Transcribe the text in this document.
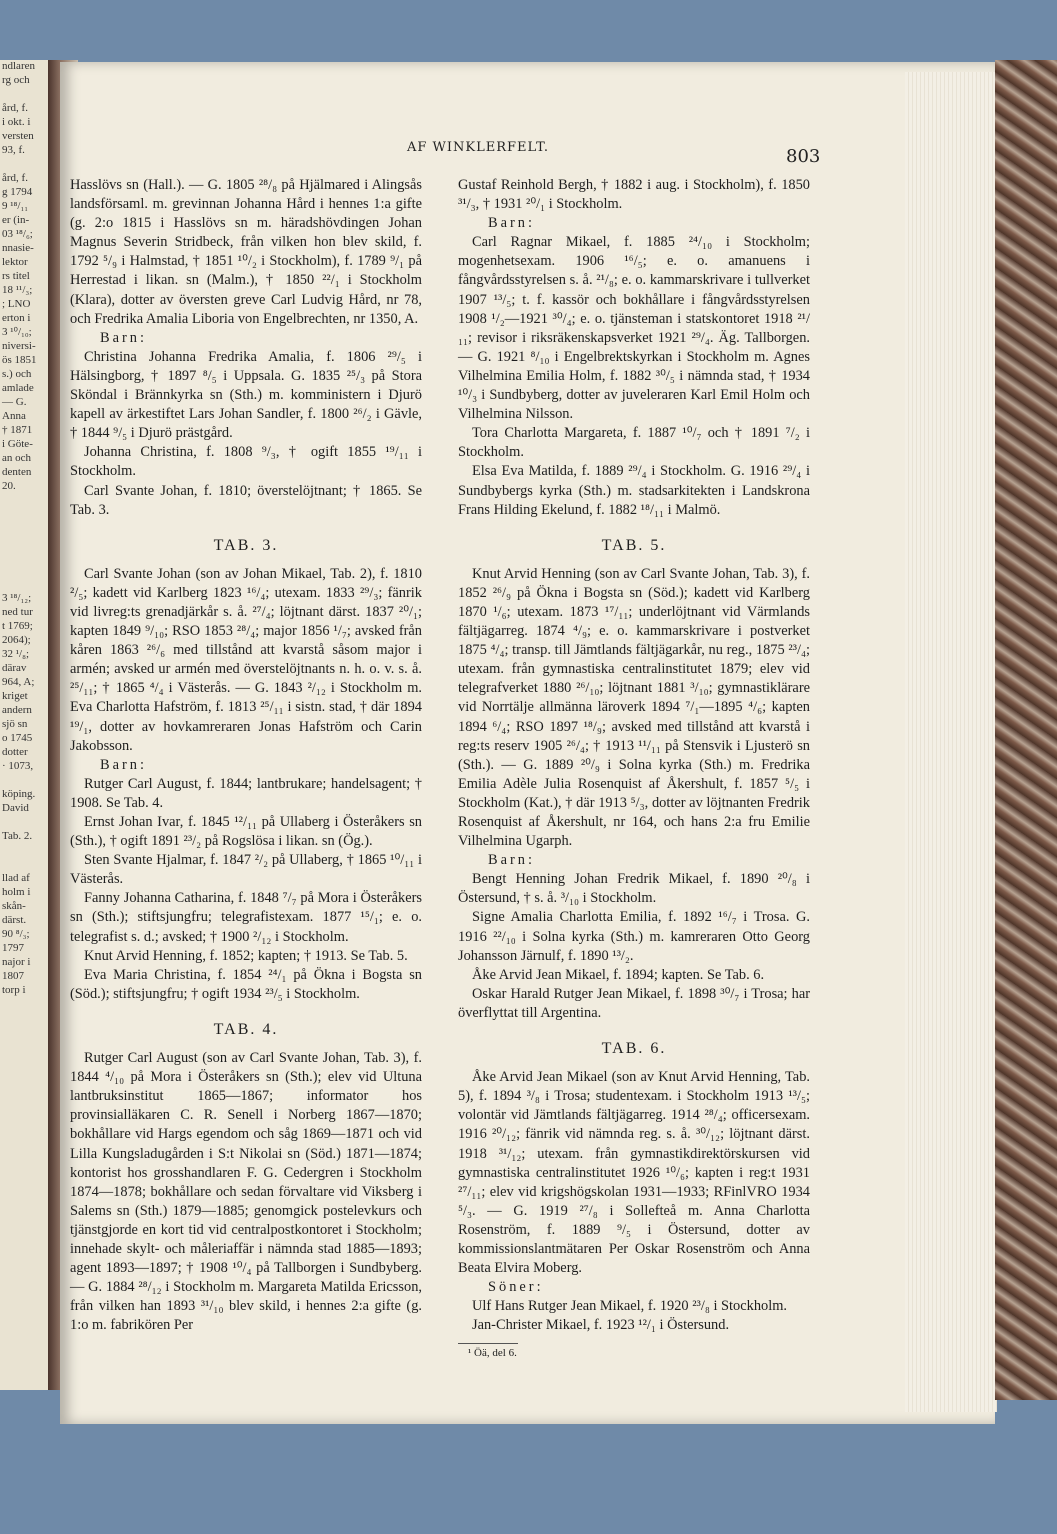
ndlaren
rg och

ård, f.
i okt. i
versten
93, f.

ård, f.
g 1794
9 ¹⁸/₁₁
er (in-
03 ¹⁸/₆;
nnasie-
lektor
rs titel
18 ¹¹/₃;
; LNO
erton i
3 ¹⁰/₁₀;
niversi-
ös 1851
s.) och
amlade
— G.
Anna
† 1871
i Göte-
an och
denten
20.

3 ¹⁸/₁₂;
ned tur
t 1769;
2064);
32 ¹/₈;
därav
964, A;
kriget
andern
sjö sn
o 1745
dotter
· 1073,

köping.
David

Tab. 2.

llad af
holm i
skån-
därst.
90 ⁸/₃;
1797
najor i
1807
torp i
AF WINKLERFELT.	803

Hasslövs sn (Hall.). — G. 1805 ²⁸/₈ på Hjälmared i Alingsås landsförsaml. m. grevinnan Johanna Hård i hennes 1:a gifte (g. 2:o 1815 i Hasslövs sn m. häradshövdingen Johan Magnus Severin Stridbeck, från vilken hon blev skild, f. 1792 ⁵/₉ i Halmstad, † 1851 ¹⁰/₂ i Stockholm), f. 1789 ⁹/₁ på Herrestad i likan. sn (Malm.), † 1850 ²²/₁ i Stockholm (Klara), dotter av översten greve Carl Ludvig Hård, nr 78, och Fredrika Amalia Liboria von Engelbrechten, nr 1350, A.

Barn:

Christina Johanna Fredrika Amalia, f. 1806 ²⁹/₅ i Hälsingborg, † 1897 ⁸/₅ i Uppsala. G. 1835 ²⁵/₃ på Stora Sköndal i Brännkyrka sn (Sth.) m. komministern i Djurö kapell av ärkestiftet Lars Johan Sandler, f. 1800 ²⁶/₂ i Gävle, † 1844 ⁹/₅ i Djurö prästgård.

Johanna Christina, f. 1808 ⁹/₃, † ogift 1855 ¹⁹/₁₁ i Stockholm.

Carl Svante Johan, f. 1810; överstelöjtnant; † 1865. Se Tab. 3.

TAB. 3.

Carl Svante Johan (son av Johan Mikael, Tab. 2), f. 1810 ²/₅; kadett vid Karlberg 1823 ¹⁶/₄; utexam. 1833 ²⁹/₃; fänrik vid livreg:ts grenadjärkår s. å. ²⁷/₄; löjtnant därst. 1837 ²⁰/₁; kapten 1849 ⁹/₁₀; RSO 1853 ²⁸/₄; major 1856 ¹/₇; avsked från kåren 1863 ²⁶/₆ med tillstånd att kvarstå såsom major i armén; avsked ur armén med överstelöjtnants n. h. o. v. s. å. ²⁵/₁₁; † 1865 ⁴/₄ i Västerås. — G. 1843 ²/₁₂ i Stockholm m. Eva Charlotta Hafström, f. 1813 ²⁵/₁₁ i sistn. stad, † där 1894 ¹⁹/₁, dotter av hovkamreraren Jonas Hafström och Carin Jakobsson.

Barn:

Rutger Carl August, f. 1844; lantbrukare; handelsagent; † 1908. Se Tab. 4.

Ernst Johan Ivar, f. 1845 ¹²/₁₁ på Ullaberg i Österåkers sn (Sth.), † ogift 1891 ²³/₂ på Rogslösa i likan. sn (Ög.).

Sten Svante Hjalmar, f. 1847 ²/₂ på Ullaberg, † 1865 ¹⁰/₁₁ i Västerås.

Fanny Johanna Catharina, f. 1848 ⁷/₇ på Mora i Österåkers sn (Sth.); stiftsjungfru; telegrafistexam. 1877 ¹⁵/₁; e. o. telegrafist s. d.; avsked; † 1900 ²/₁₂ i Stockholm.

Knut Arvid Henning, f. 1852; kapten; † 1913. Se Tab. 5.

Eva Maria Christina, f. 1854 ²⁴/₁ på Ökna i Bogsta sn (Söd.); stiftsjungfru; † ogift 1934 ²³/₅ i Stockholm.

TAB. 4.

Rutger Carl August (son av Carl Svante Johan, Tab. 3), f. 1844 ⁴/₁₀ på Mora i Österåkers sn (Sth.); elev vid Ultuna lantbruksinstitut 1865—1867; informator hos provinsialläkaren C. R. Senell i Norberg 1867—1870; bokhållare vid Hargs egendom och såg 1869—1871 och vid Lilla Kungsladugården i S:t Nikolai sn (Söd.) 1871—1874; kontorist hos grosshandlaren F. G. Cedergren i Stockholm 1874—1878; bokhållare och sedan förvaltare vid Viksberg i Salems sn (Sth.) 1879—1885; genomgick postelevkurs och tjänstgjorde en kort tid vid centralpostkontoret i Stockholm; innehade skylt- och måleriaffär i nämnda stad 1885—1893; agent 1893—1897; † 1908 ¹⁰/₄ på Tallborgen i Sundbyberg. — G. 1884 ²⁸/₁₂ i Stockholm m. Margareta Matilda Ericsson, från vilken han 1893 ³¹/₁₀ blev skild, i hennes 2:a gifte (g. 1:o m. fabrikören Per

Gustaf Reinhold Bergh, † 1882 i aug. i Stockholm), f. 1850 ³¹/₃, † 1931 ²⁰/₁ i Stockholm.

Barn:

Carl Ragnar Mikael, f. 1885 ²⁴/₁₀ i Stockholm; mogenhetsexam. 1906 ¹⁶/₅; e. o. amanuens i fångvårdsstyrelsen s. å. ²¹/₈; e. o. kammarskrivare i tullverket 1907 ¹³/₅; t. f. kassör och bokhållare i fångvårdsstyrelsen 1908 ¹/₂—1921 ³⁰/₄; e. o. tjänsteman i statskontoret 1918 ²¹/₁₁; revisor i riksräkenskapsverket 1921 ²⁹/₄. Äg. Tallborgen. — G. 1921 ⁸/₁₀ i Engelbrektskyrkan i Stockholm m. Agnes Vilhelmina Emilia Holm, f. 1882 ³⁰/₅ i nämnda stad, † 1934 ¹⁰/₃ i Sundbyberg, dotter av juveleraren Karl Emil Holm och Vilhelmina Nilsson.

Tora Charlotta Margareta, f. 1887 ¹⁰/₇ och † 1891 ⁷/₂ i Stockholm.

Elsa Eva Matilda, f. 1889 ²⁹/₄ i Stockholm. G. 1916 ²⁹/₄ i Sundbybergs kyrka (Sth.) m. stadsarkitekten i Landskrona Frans Hilding Ekelund, f. 1882 ¹⁸/₁₁ i Malmö.

TAB. 5.

Knut Arvid Henning (son av Carl Svante Johan, Tab. 3), f. 1852 ²⁶/₉ på Ökna i Bogsta sn (Söd.); kadett vid Karlberg 1870 ¹/₆; utexam. 1873 ¹⁷/₁₁; underlöjtnant vid Värmlands fältjägarreg. 1874 ⁴/₉; e. o. kammarskrivare i postverket 1875 ⁴/₄; transp. till Jämtlands fältjägarkår, nu reg., 1875 ²³/₄; utexam. från gymnastiska centralinstitutet 1879; elev vid telegrafverket 1880 ²⁶/₁₀; löjtnant 1881 ³/₁₀; gymnastiklärare vid Norrtälje allmänna läroverk 1894 ⁷/₁—1895 ⁴/₆; kapten 1894 ⁶/₄; RSO 1897 ¹⁸/₉; avsked med tillstånd att kvarstå i reg:ts reserv 1905 ²⁶/₄; † 1913 ¹¹/₁₁ på Stensvik i Ljusterö sn (Sth.). — G. 1889 ²⁰/₉ i Solna kyrka (Sth.) m. Fredrika Emilia Adèle Julia Rosenquist af Åkershult, f. 1857 ⁵/₅ i Stockholm (Kat.), † där 1913 ⁵/₃, dotter av löjtnanten Fredrik Rosenquist af Åkershult, nr 164, och hans 2:a fru Emilie Vilhelmina Ugarph.

Barn:

Bengt Henning Johan Fredrik Mikael, f. 1890 ²⁰/₈ i Östersund, † s. å. ³/₁₀ i Stockholm.

Signe Amalia Charlotta Emilia, f. 1892 ¹⁶/₇ i Trosa. G. 1916 ²²/₁₀ i Solna kyrka (Sth.) m. kamreraren Otto Georg Johansson Järnulf, f. 1890 ¹³/₂.

Åke Arvid Jean Mikael, f. 1894; kapten. Se Tab. 6.

Oskar Harald Rutger Jean Mikael, f. 1898 ³⁰/₇ i Trosa; har överflyttat till Argentina.

TAB. 6.

Åke Arvid Jean Mikael (son av Knut Arvid Henning, Tab. 5), f. 1894 ³/₈ i Trosa; studentexam. i Stockholm 1913 ¹³/₅; volontär vid Jämtlands fältjägarreg. 1914 ²⁸/₄; officersexam. 1916 ²⁰/₁₂; fänrik vid nämnda reg. s. å. ³⁰/₁₂; löjtnant därst. 1918 ³¹/₁₂; utexam. från gymnastikdirektörskursen vid gymnastiska centralinstitutet 1926 ¹⁰/₆; kapten i reg:t 1931 ²⁷/₁₁; elev vid krigshögskolan 1931—1933; RFinlVRO 1934 ⁵/₃. — G. 1919 ²⁷/₈ i Sollefteå m. Anna Charlotta Rosenström, f. 1889 ⁹/₅ i Östersund, dotter av kommissionslantmätaren Per Oskar Rosenström och Anna Beata Elvira Moberg.

Söner:

Ulf Hans Rutger Jean Mikael, f. 1920 ²³/₈ i Stockholm.

Jan-Christer Mikael, f. 1923 ¹²/₁ i Östersund.

¹ Öä, del 6.
